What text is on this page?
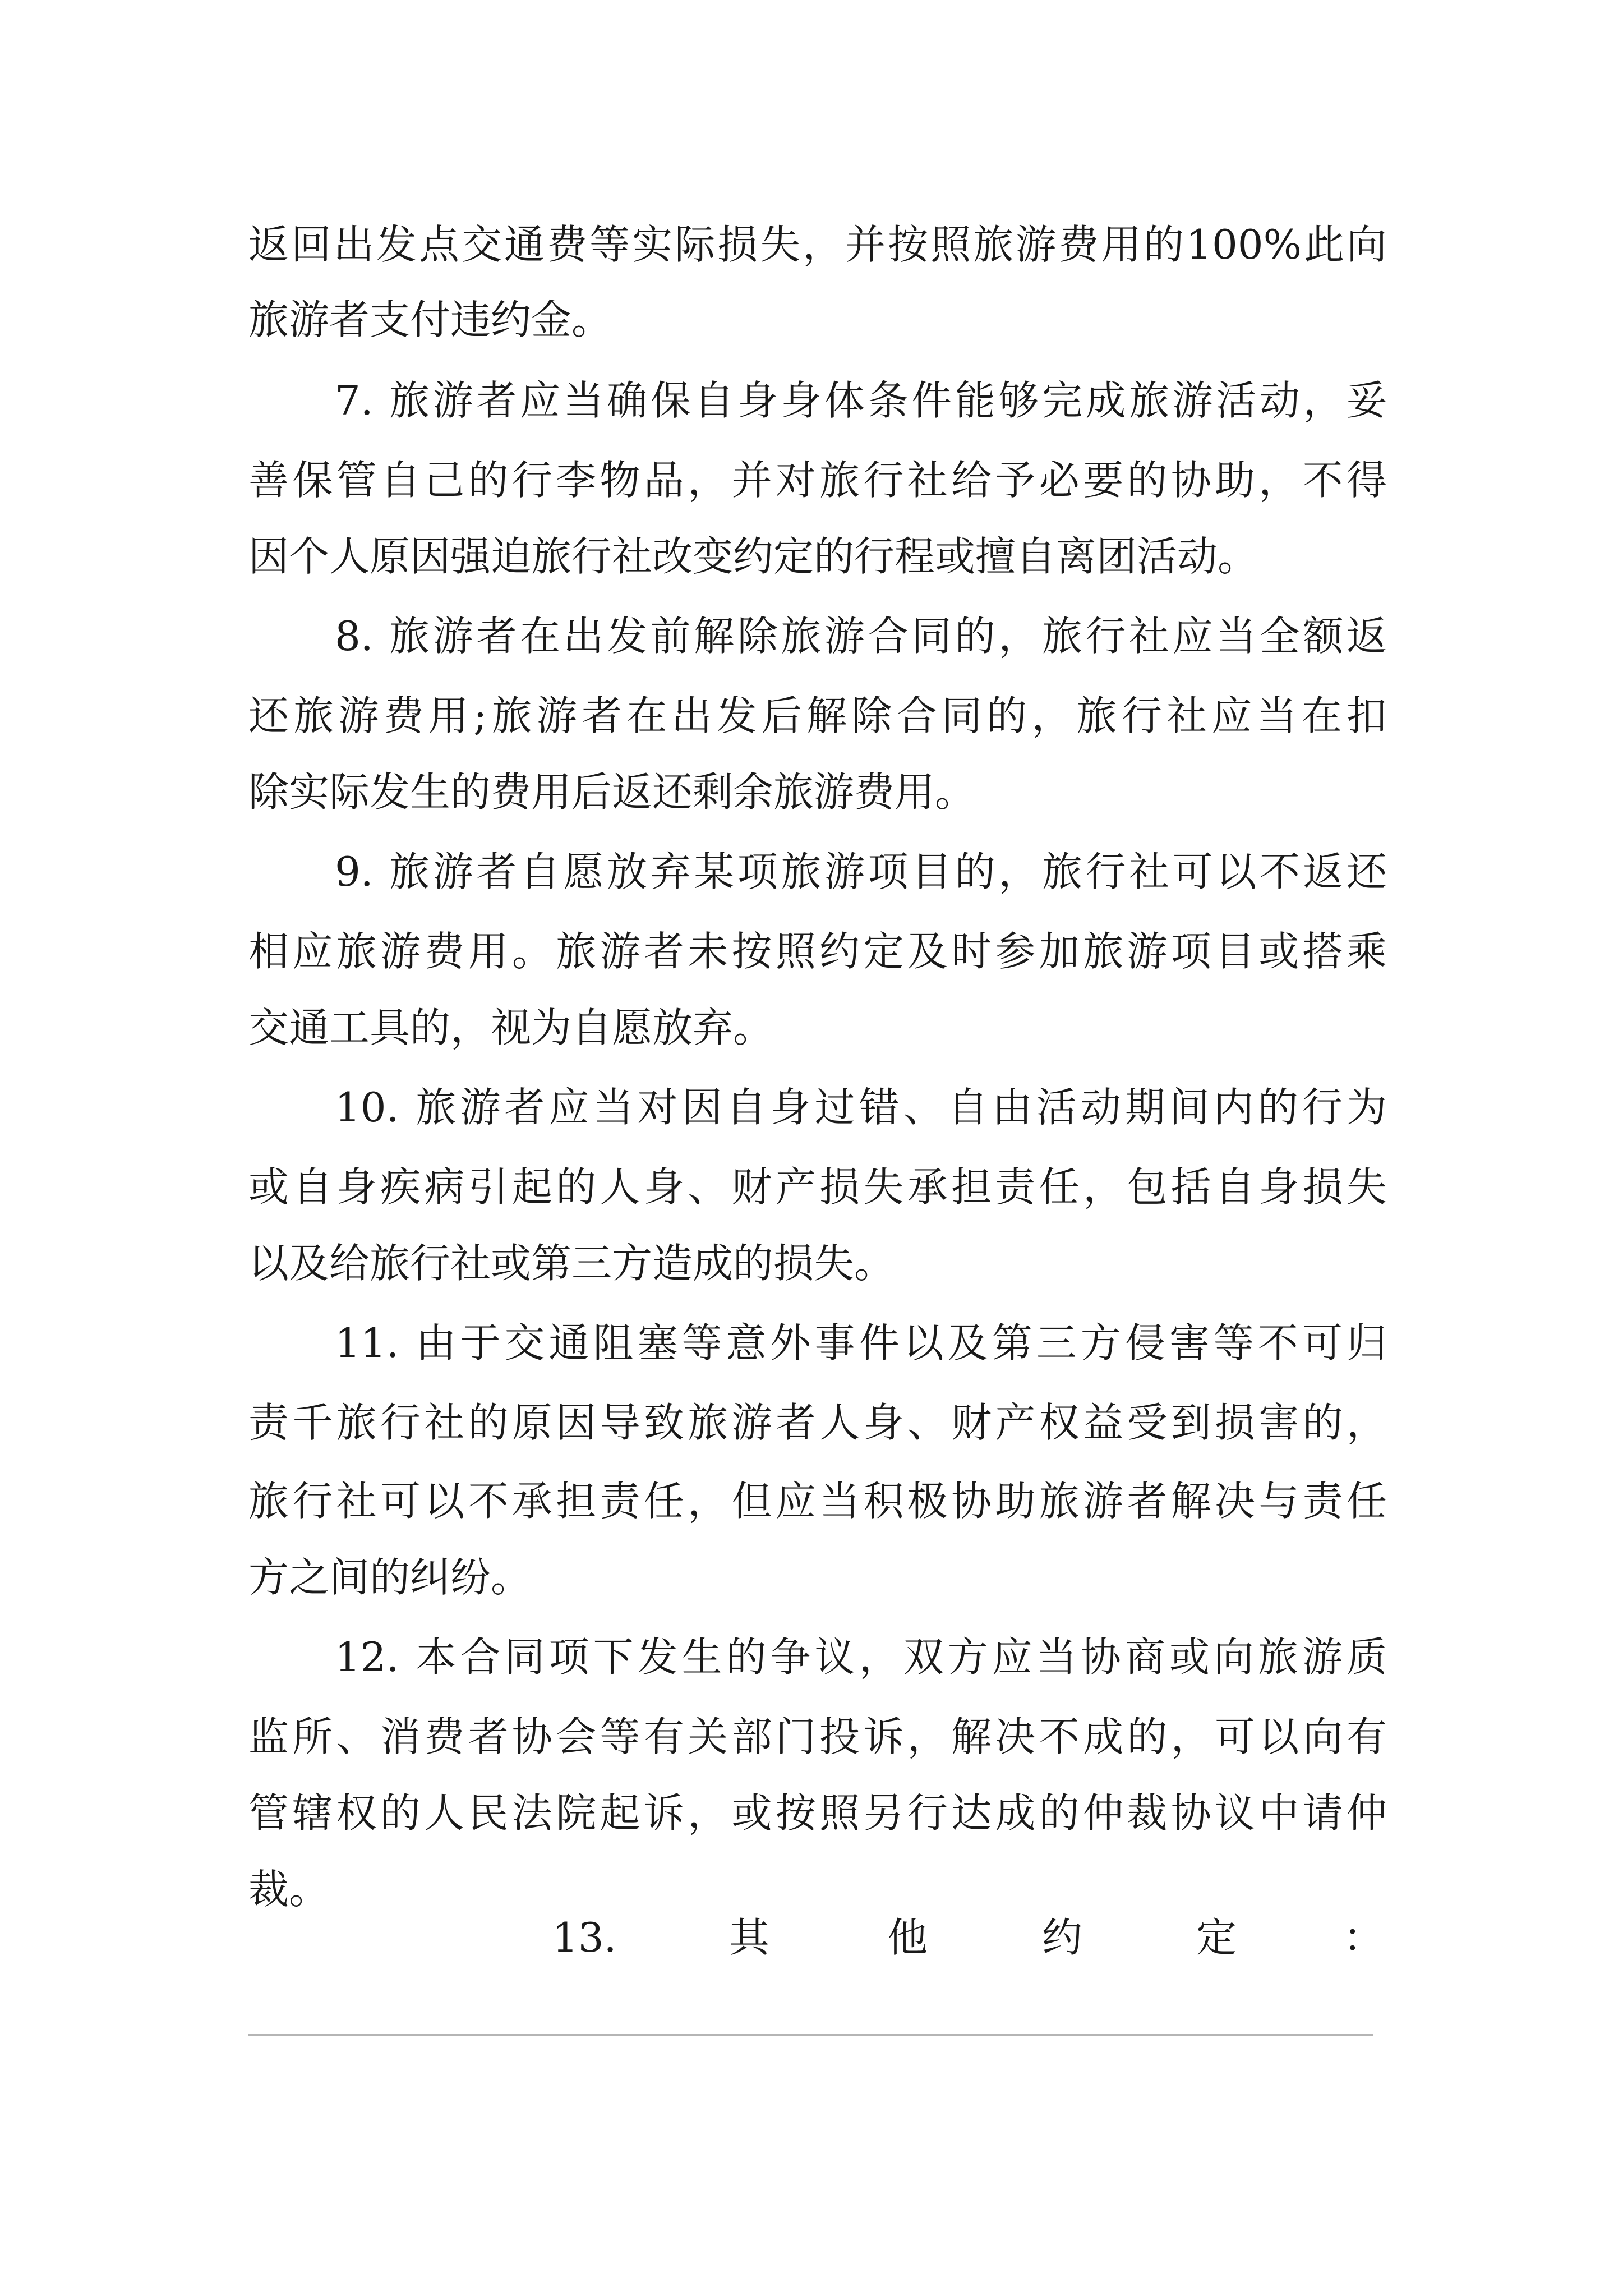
返回出发点交通费等实际损失，并按照旅游费用的100%此向
旅游者支付违约金。
7. 旅游者应当确保自身身体条件能够完成旅游活动，妥
善保管自己的行李物品，并对旅行社给予必要的协助，不得
因个人原因强迫旅行社改变约定的行程或擅自离团活动。
8. 旅游者在出发前解除旅游合同的，旅行社应当全额返
还旅游费用;旅游者在出发后解除合同的，旅行社应当在扣
除实际发生的费用后返还剩余旅游费用。
9. 旅游者自愿放弃某项旅游项目的，旅行社可以不返还
相应旅游费用。旅游者未按照约定及时参加旅游项目或搭乘
交通工具的，视为自愿放弃。
10. 旅游者应当对因自身过错、自由活动期间内的行为
或自身疾病引起的人身、财产损失承担责任，包括自身损失
以及给旅行社或第三方造成的损失。
11. 由于交通阻塞等意外事件以及第三方侵害等不可归
责千旅行社的原因导致旅游者人身、财产权益受到损害的，
旅行社可以不承担责任，但应当积极协助旅游者解决与责任
方之间的纠纷。
12. 本合同项下发生的争议，双方应当协商或向旅游质
监所、消费者协会等有关部门投诉，解决不成的，可以向有
管辖权的人民法院起诉，或按照另行达成的仲裁协议中请仲
裁。
13.	其	他	约	定	：
